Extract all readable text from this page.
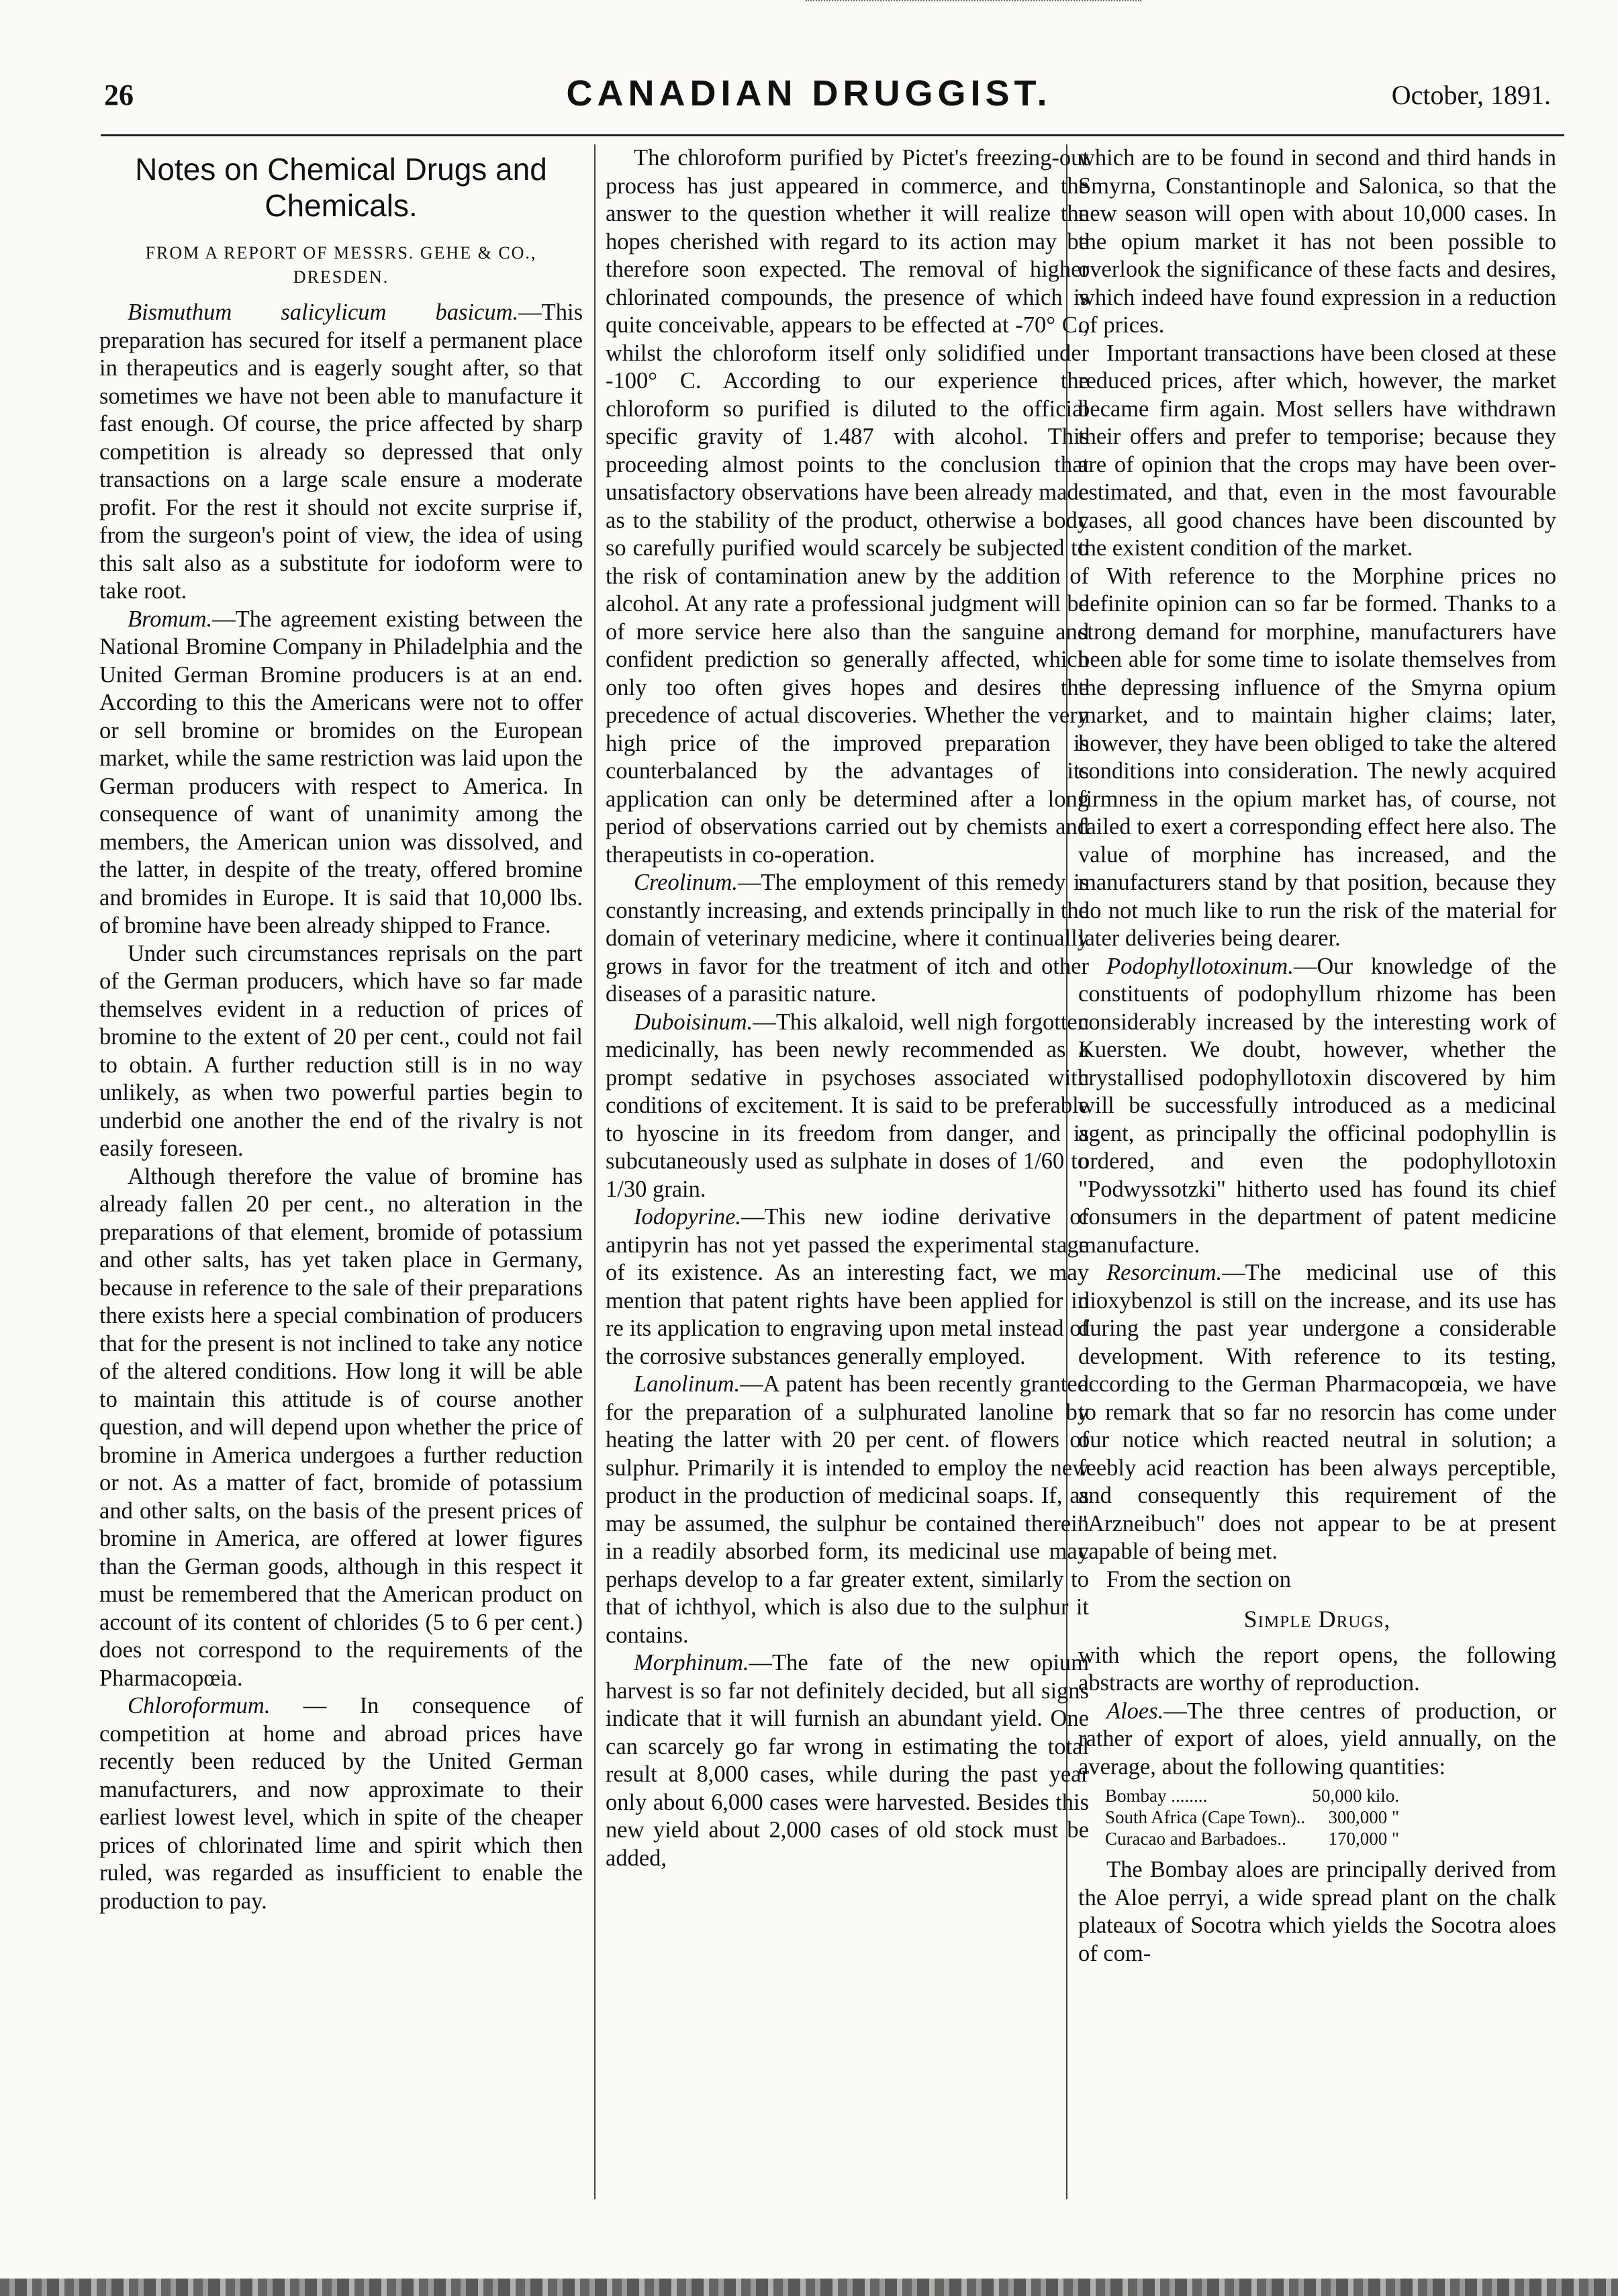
26	CANADIAN DRUGGIST.	October, 1891.
Notes on Chemical Drugs and Chemicals.
FROM A REPORT OF MESSRS. GEHE & CO., DRESDEN.

Bismuthum salicylicum basicum.—This preparation has secured for itself a permanent place in therapeutics and is eagerly sought after, so that sometimes we have not been able to manufacture it fast enough. Of course, the price affected by sharp competition is already so depressed that only transactions on a large scale ensure a moderate profit. For the rest it should not excite surprise if, from the surgeon's point of view, the idea of using this salt also as a substitute for iodoform were to take root.

Bromum.—The agreement existing between the National Bromine Company in Philadelphia and the United German Bromine producers is at an end. According to this the Americans were not to offer or sell bromine or bromides on the European market, while the same restriction was laid upon the German producers with respect to America. In consequence of want of unanimity among the members, the American union was dissolved, and the latter, in despite of the treaty, offered bromine and bromides in Europe. It is said that 10,000 lbs. of bromine have been already shipped to France.

Under such circumstances reprisals on the part of the German producers, which have so far made themselves evident in a reduction of prices of bromine to the extent of 20 per cent., could not fail to obtain. A further reduction still is in no way unlikely, as when two powerful parties begin to underbid one another the end of the rivalry is not easily foreseen.

Although therefore the value of bromine has already fallen 20 per cent., no alteration in the preparations of that element, bromide of potassium and other salts, has yet taken place in Germany, because in reference to the sale of their preparations there exists here a special combination of producers that for the present is not inclined to take any notice of the altered conditions. How long it will be able to maintain this attitude is of course another question, and will depend upon whether the price of bromine in America undergoes a further reduction or not. As a matter of fact, bromide of potassium and other salts, on the basis of the present prices of bromine in America, are offered at lower figures than the German goods, although in this respect it must be remembered that the American product on account of its content of chlorides (5 to 6 per cent.) does not correspond to the requirements of the Pharmacopœia.

Chloroformum. — In consequence of competition at home and abroad prices have recently been reduced by the United German manufacturers, and now approximate to their earliest lowest level, which in spite of the cheaper prices of chlorinated lime and spirit which then ruled, was regarded as insufficient to enable the production to pay.

The chloroform purified by Pictet's freezing-out process has just appeared in commerce, and the answer to the question whether it will realize the hopes cherished with regard to its action may be therefore soon expected. The removal of higher chlorinated compounds, the presence of which is quite conceivable, appears to be effected at -70° C., whilst the chloroform itself only solidified under -100° C. According to our experience the chloroform so purified is diluted to the official specific gravity of 1.487 with alcohol. This proceeding almost points to the conclusion that unsatisfactory observations have been already made as to the stability of the product, otherwise a body so carefully purified would scarcely be subjected to the risk of contamination anew by the addition of alcohol. At any rate a professional judgment will be of more service here also than the sanguine and confident prediction so generally affected, which only too often gives hopes and desires the precedence of actual discoveries. Whether the very high price of the improved preparation is counterbalanced by the advantages of its application can only be determined after a long period of observations carried out by chemists and therapeutists in co-operation.

Creolinum.—The employment of this remedy is constantly increasing, and extends principally in the domain of veterinary medicine, where it continually grows in favor for the treatment of itch and other diseases of a parasitic nature.

Duboisinum.—This alkaloid, well nigh forgotten medicinally, has been newly recommended as a prompt sedative in psychoses associated with conditions of excitement. It is said to be preferable to hyoscine in its freedom from danger, and is subcutaneously used as sulphate in doses of 1/60 to 1/30 grain.

Iodopyrine.—This new iodine derivative of antipyrin has not yet passed the experimental stage of its existence. As an interesting fact, we may mention that patent rights have been applied for in re its application to engraving upon metal instead of the corrosive substances generally employed.

Lanolinum.—A patent has been recently granted for the preparation of a sulphurated lanoline by heating the latter with 20 per cent. of flowers of sulphur. Primarily it is intended to employ the new product in the production of medicinal soaps. If, as may be assumed, the sulphur be contained therein in a readily absorbed form, its medicinal use may perhaps develop to a far greater extent, similarly to that of ichthyol, which is also due to the sulphur it contains.

Morphinum.—The fate of the new opium harvest is so far not definitely decided, but all signs indicate that it will furnish an abundant yield. One can scarcely go far wrong in estimating the total result at 8,000 cases, while during the past year only about 6,000 cases were harvested. Besides this new yield about 2,000 cases of old stock must be added,

which are to be found in second and third hands in Smyrna, Constantinople and Salonica, so that the new season will open with about 10,000 cases. In the opium market it has not been possible to overlook the significance of these facts and desires, which indeed have found expression in a reduction of prices.

Important transactions have been closed at these reduced prices, after which, however, the market became firm again. Most sellers have withdrawn their offers and prefer to temporise; because they are of opinion that the crops may have been over-estimated, and that, even in the most favourable cases, all good chances have been discounted by the existent condition of the market.

With reference to the Morphine prices no definite opinion can so far be formed. Thanks to a strong demand for morphine, manufacturers have been able for some time to isolate themselves from the depressing influence of the Smyrna opium market, and to maintain higher claims; later, however, they have been obliged to take the altered conditions into consideration. The newly acquired firmness in the opium market has, of course, not failed to exert a corresponding effect here also. The value of morphine has increased, and the manufacturers stand by that position, because they do not much like to run the risk of the material for later deliveries being dearer.

Podophyllotoxinum.—Our knowledge of the constituents of podophyllum rhizome has been considerably increased by the interesting work of Kuersten. We doubt, however, whether the crystallised podophyllotoxin discovered by him will be successfully introduced as a medicinal agent, as principally the officinal podophyllin is ordered, and even the podophyllotoxin "Podwyssotzki" hitherto used has found its chief consumers in the department of patent medicine manufacture.

Resorcinum.—The medicinal use of this dioxybenzol is still on the increase, and its use has during the past year undergone a considerable development. With reference to its testing, according to the German Pharmacopœia, we have to remark that so far no resorcin has come under our notice which reacted neutral in solution; a feebly acid reaction has been always perceptible, and consequently this requirement of the "Arzneibuch" does not appear to be at present capable of being met.

From the section on

Simple Drugs,

with which the report opens, the following abstracts are worthy of reproduction.

Aloes.—The three centres of production, or rather of export of aloes, yield annually, on the average, about the following quantities:

Bombay ........	50,000 kilo.
South Africa (Cape Town)..	300,000 "
Curacao and Barbadoes..	170,000 "

The Bombay aloes are principally derived from the Aloe perryi, a wide spread plant on the chalk plateaux of Socotra which yields the Socotra aloes of com-
